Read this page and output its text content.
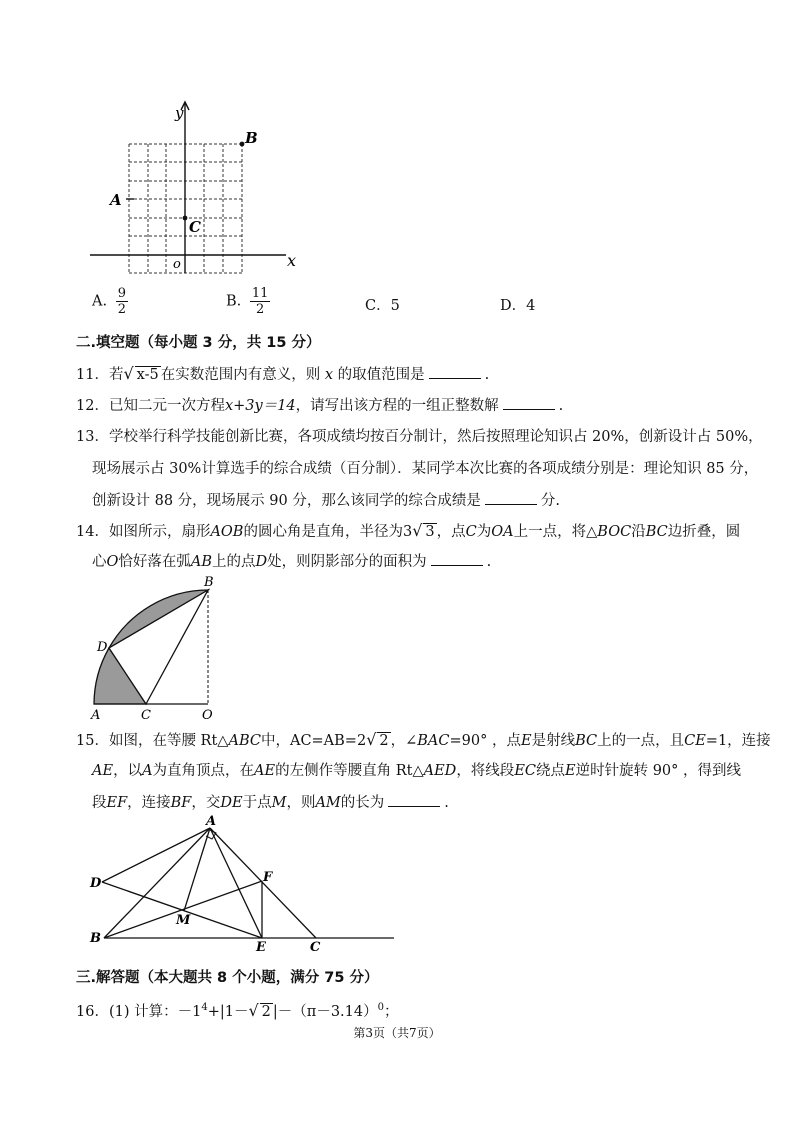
y
x
o
A
B
C
A. $\frac{9}{2}$	B. $\frac{11}{2}$	C．5	D．4
二.填空题（每小题 3 分，共 15 分）
11．若√ x-5 在实数范围内有意义，则 x 的取值范围是	.
12．已知二元一次方程x+3y＝14，请写出该方程的一组正整数解	.
13．学校举行科学技能创新比赛，各项成绩均按百分制计，然后按照理论知识占 20%，创新设计占 50%，
现场展示占 30%计算选手的综合成绩（百分制）．某同学本次比赛的各项成绩分别是：理论知识 85 分，
创新设计 88 分，现场展示 90 分，那么该同学的综合成绩是	分.
14．如图所示，扇形AOB的圆心角是直角，半径为3√ 3 ，点C为OA上一点，将△BOC沿BC边折叠，圆
心O恰好落在弧AB上的点D处，则阴影部分的面积为	.
B
D
A	C	O
15．如图，在等腰 Rt△ABC中，AC=AB=2√ 2 ，∠BAC=90° ，点E是射线BC上的一点，且CE=1，连接
AE，以A为直角顶点，在AE的左侧作等腰直角 Rt△AED，将线段EC绕点E逆时针旋转 90° ，得到线
段EF，连接BF，交DE于点M，则AM的长为	.
A
D	F
M
B
E	C
三.解答题（本大题共 8 个小题，满分 75 分）
16．(1) 计算：$-1^4+|1-√$ 2 $|-(\pi-3.14)^0$；
第3页（共7页）
